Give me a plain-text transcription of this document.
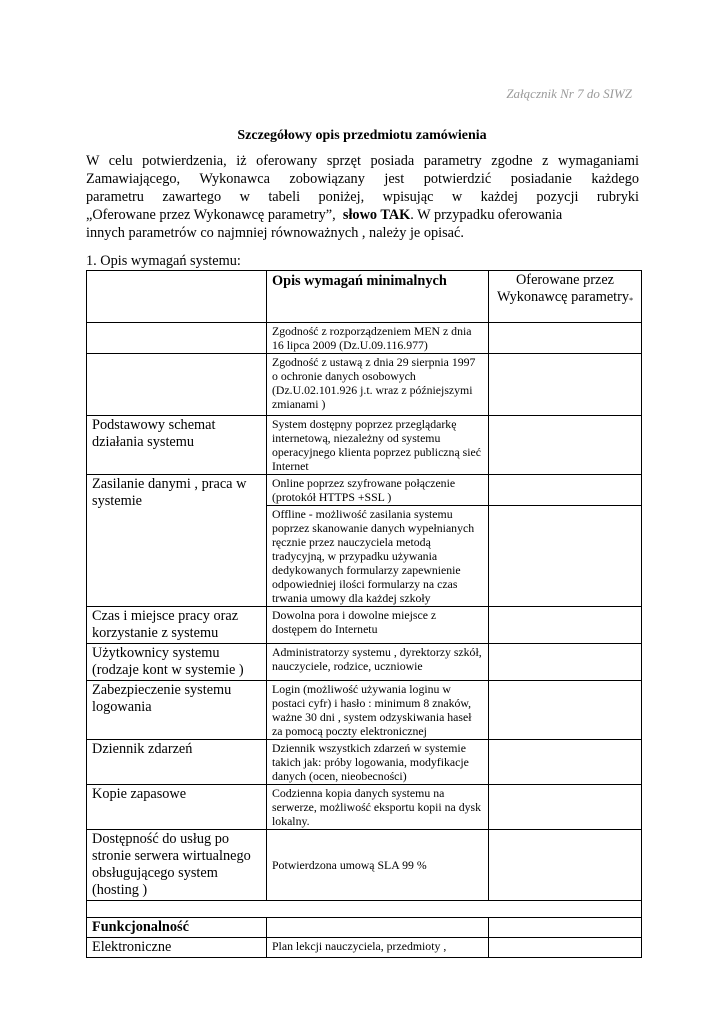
Załącznik Nr 7 do SIWZ
Szczegółowy opis przedmiotu zamówienia

W celu potwierdzenia, iż oferowany sprzęt posiada parametry zgodne z wymaganiami

Zamawiającego, Wykonawca zobowiązany jest potwierdzić posiadanie każdego

parametru zawartego w tabeli poniżej, wpisując w każdej pozycji rubryki

„Oferowane przez Wykonawcę parametry”, słowo TAK. W przypadku oferowania

innych parametrów co najmniej równoważnych , należy je opisać.

1. Opis wymagań systemu:
	Opis wymagań minimalnych	Oferowane przez Wykonawcę parametry*
	Zgodność z rozporządzeniem MEN z dnia 16 lipca 2009 (Dz.U.09.116.977)	
	Zgodność z ustawą z dnia 29 sierpnia 1997 o ochronie danych osobowych (Dz.U.02.101.926 j.t. wraz z późniejszymi zmianami )	
Podstawowy schemat działania systemu	System dostępny poprzez przeglądarkę internetową, niezależny od systemu operacyjnego klienta poprzez publiczną sieć Internet	
Zasilanie danymi , praca w systemie	Online poprzez szyfrowane połączenie (protokół HTTPS +SSL )	
	Offline - możliwość zasilania systemu poprzez skanowanie danych wypełnianych ręcznie przez nauczyciela metodą tradycyjną, w przypadku używania dedykowanych formularzy zapewnienie odpowiedniej ilości formularzy na czas trwania umowy dla każdej szkoły	
Czas i miejsce pracy oraz korzystanie z systemu	Dowolna pora i dowolne miejsce z dostępem do Internetu	
Użytkownicy systemu (rodzaje kont w systemie )	Administratorzy systemu , dyrektorzy szkół, nauczyciele, rodzice, uczniowie	
Zabezpieczenie systemu logowania	Login (możliwość używania loginu w postaci cyfr) i hasło : minimum 8 znaków, ważne 30 dni , system odzyskiwania haseł za pomocą poczty elektronicznej	
Dziennik zdarzeń	Dziennik wszystkich zdarzeń w systemie takich jak: próby logowania, modyfikacje danych (ocen, nieobecności)	
Kopie zapasowe	Codzienna kopia danych systemu na serwerze, możliwość eksportu kopii na dysk lokalny.	
Dostępność do usług po stronie serwera wirtualnego obsługującego system (hosting )	Potwierdzona umową SLA 99 %	

Funkcjonalność		
Elektroniczne	Plan lekcji nauczyciela, przedmioty ,	
